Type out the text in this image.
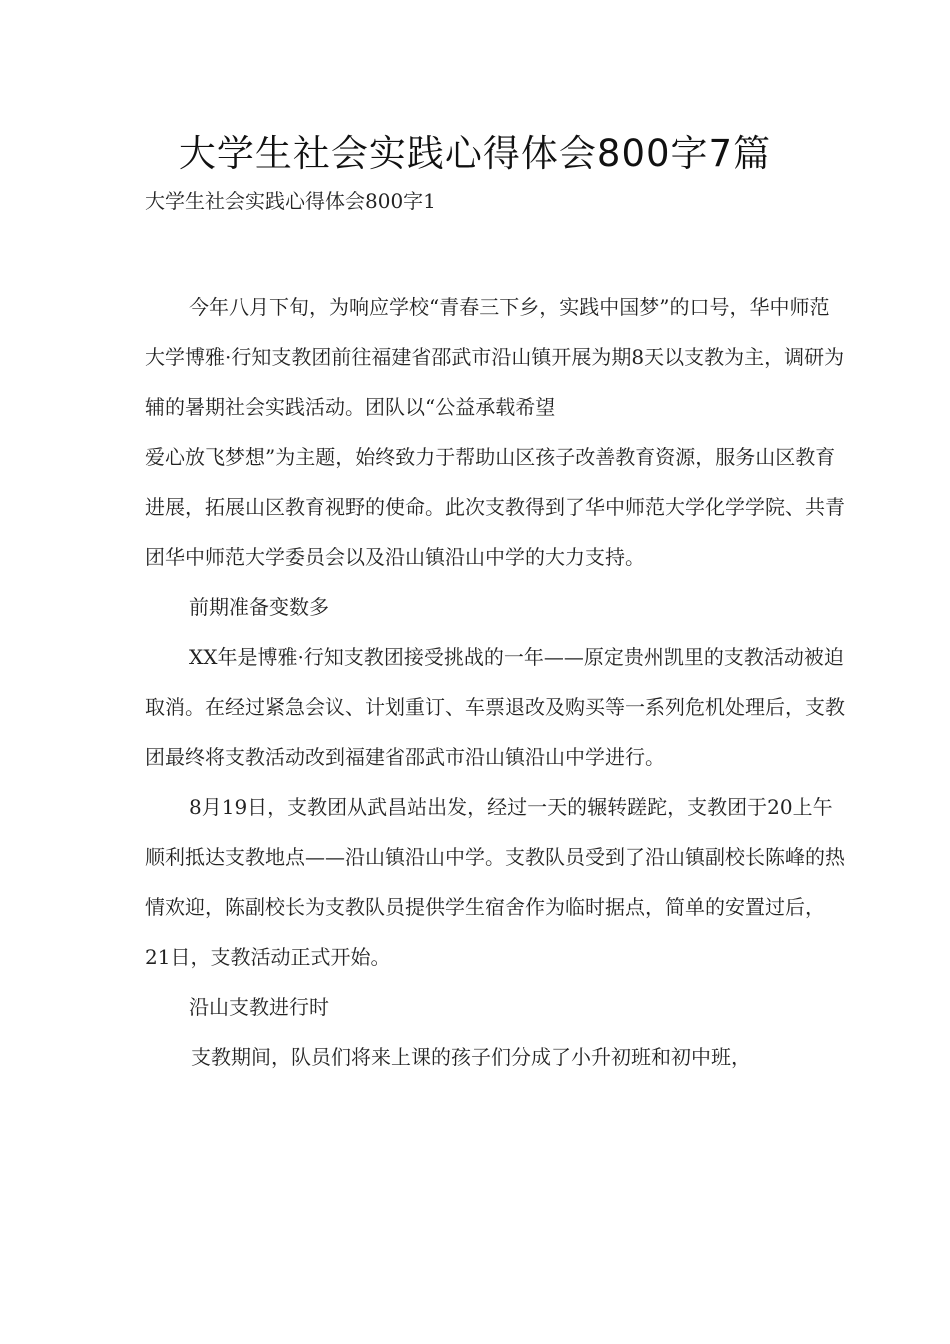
大学生社会实践心得体会800字7篇
大学生社会实践心得体会800字1

今年八月下旬，为响应学校“青春三下乡，实践中国梦”的口号，华中师范大学博雅·行知支教团前往福建省邵武市沿山镇开展为期8天以支教为主，调研为辅的暑期社会实践活动。团队以“公益承载希望

爱心放飞梦想”为主题，始终致力于帮助山区孩子改善教育资源，服务山区教育进展，拓展山区教育视野的使命。此次支教得到了华中师范大学化学学院、共青团华中师范大学委员会以及沿山镇沿山中学的大力支持。

前期准备变数多

XX年是博雅·行知支教团接受挑战的一年——原定贵州凯里的支教活动被迫取消。在经过紧急会议、计划重订、车票退改及购买等一系列危机处理后，支教团最终将支教活动改到福建省邵武市沿山镇沿山中学进行。

8月19日，支教团从武昌站出发，经过一天的辗转蹉跎，支教团于20上午顺利抵达支教地点——沿山镇沿山中学。支教队员受到了沿山镇副校长陈峰的热情欢迎，陈副校长为支教队员提供学生宿舍作为临时据点，简单的安置过后，21日，支教活动正式开始。

沿山支教进行时

支教期间，队员们将来上课的孩子们分成了小升初班和初中班，
